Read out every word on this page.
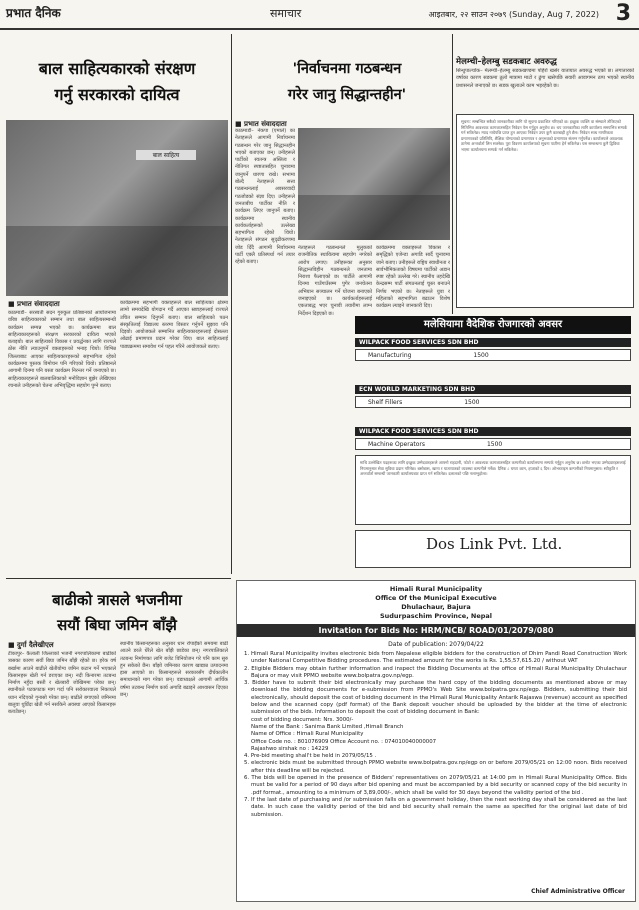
प्रभात दैनिक	समाचार	आइतबार, २२ साउन २०७९ (Sunday, Aug 7, 2022) 3
बाल साहित्यकारको संरक्षण
गर्नु सरकारको दायित्व
बाल साहित्य
■ प्रभात संवाददाता
काठमाडौं– सरस्वती सदन गुरुकुल प्रतिष्ठानको आयोजनामा वरिष्ठ साहित्यकारको सम्मान तथा बाल साहित्यसम्बन्धी कार्यक्रम सम्पन्न भएको छ। कार्यक्रममा बाल साहित्यकारहरूको संरक्षण सरकारको दायित्व भएको बताइयो। बाल साहित्यको विकास र प्रवर्द्धनका लागि राज्यले ठोस नीति ल्याउनुपर्ने वक्ताहरूको भनाइ थियो। विभिन्न जिल्लाबाट आएका साहित्यकारहरूको सहभागिता रहेको कार्यक्रममा पुस्तक विमोचन पनि गरिएको थियो। प्रतिष्ठानले आगामी दिनमा पनि यस्ता कार्यक्रम निरन्तर गर्ने जनाएको छ। साहित्यकारहरूले बालबालिकाको मनोविज्ञान बुझेर लेखिएका रचनाले उनीहरूको चेतना अभिवृद्धिमा सहयोग पुग्ने बताए।
कार्यक्रममा सहभागी वक्ताहरूले बाल साहित्यका क्षेत्रमा लामो समयदेखि योगदान गर्दै आएका स्रष्टाहरूलाई राज्यले उचित सम्मान दिनुपर्ने बताए। बाल साहित्यको पठन संस्कृतिलाई विद्यालय स्तरमा विस्तार गर्नुपर्ने सुझाव पनि दिइयो। आयोजकले सम्मानित साहित्यकारहरूलाई दोसल्ला ओढाई प्रमाणपत्र प्रदान गरेका थिए। बाल साहित्यलाई पाठ्यक्रममा समावेश गर्न पहल गरिने आयोजकले बताए।
'निर्वाचनमा गठबन्धन
गरेर जानु सिद्धान्तहीन'
■ प्रभात संवाददाता
काठमाडौं– नेकपा (एमाले) का नेताहरूले आगामी निर्वाचनमा गठबन्धन गरेर जानु सिद्धान्तहीन भएको बताएका छन्। उनीहरूले पार्टीको स्वतन्त्र अस्तित्व र नीतिगत स्पष्टतासहित चुनावमा जानुपर्ने धारणा राखे। सभामा बोल्दै नेताहरूले सत्ता गठबन्धनलाई अवसरवादी गठजोडको संज्ञा दिए। उनीहरूले जनताबीच पार्टीका नीति र कार्यक्रम लिएर जानुपर्ने बताए। कार्यक्रममा स्थानीय कार्यकर्ताहरूको उल्लेख्य सहभागिता रहेको थियो। नेताहरूले संगठन सुदृढीकरणमा जोड दिँदै आगामी निर्वाचनमा पार्टी एक्लै प्रतिस्पर्धा गर्न तयार रहेको बताए।
नेताहरूले गठबन्धनले मुलुकको राजनीतिक स्थायित्वमा सहयोग नगरेको आरोप लगाए। उनीहरूका अनुसार सिद्धान्तविहीन गठबन्धनले जनतामा निराशा फैलाएको छ। पार्टीले आगामी दिनमा गाउँगाउँसम्म पुगेर जनचेतना अभियान सञ्चालन गर्ने योजना बनाएको जनाइएको छ। कार्यकर्ताहरूलाई एकताबद्ध भएर चुनावी तयारीमा लाग्न निर्देशन दिइएको छ।
कार्यक्रममा वक्ताहरूले विकास र समृद्धिको एजेन्डा अगाडि सार्दै चुनावमा जाने बताए। उनीहरूले राष्ट्रिय स्वाधीनता र सार्वभौमिकताको विषयमा पार्टीको अडान स्पष्ट रहेको उल्लेख गरे। स्थानीय तहदेखि केन्द्रसम्म पार्टी संगठनलाई चुस्त बनाउने निर्णय भएको छ। नेताहरूले युवा र महिलाको सहभागिता बढाउन विशेष कार्यक्रम ल्याइने जानकारी दिए।
बाढीको त्रासले भजनीमा
सयौं बिघा जमिन बाँझै
■ दुर्गा दैलेखीएल
टीकापुर– कैलाली जिल्लाको भजनी नगरपालिकामा बाढीको त्रासका कारण सयौं बिघा जमिन बाँझै रहेको छ। हरेक वर्ष बर्खामा आउने बाढीले खेतीयोग्य जमिन कटान गर्ने भएकाले किसानहरू खेती गर्न डराएका छन्। नदी किनारमा तटबन्ध निर्माण नहुँदा बस्ती र खेतबारी जोखिममा परेका छन्। स्थानीयले पटकपटक माग गर्दा पनि सरोकारवाला निकायले ध्यान नदिएको गुनासो गरेका छन्। बाढीले बगाएको जमिनमा बालुवा थुप्रिँदा खेती गर्न नसकिने अवस्था आएको किसानहरू बताउँछन्।
स्थानीय किसानहरूका अनुसार धान रोपाइँको समयमा बाढी आउने डरले धेरैले खेत बाँझै छाडेका छन्। नगरपालिकाले तटबन्ध निर्माणका लागि बजेट विनियोजन गरे पनि काम सुरु हुन सकेको छैन। बाँझो जमिनका कारण खाद्यान्न उत्पादनमा ह्रास आएको छ। किसानहरूले सरकारसँग दीर्घकालीन समाधानको माग गरेका छन्। वडाध्यक्षले आगामी आर्थिक वर्षमा तटबन्ध निर्माण कार्य अगाडि बढाइने आश्वासन दिएका छन्।
मेलम्ची–हेलम्बु सडकबाट अवरुद्ध
सिन्धुपाल्चोक– मेलम्ची–हेलम्बु सडकखण्डमा पहिरो खसेर यातायात अवरुद्ध भएको छ। लगातारको वर्षाका कारण सडकमा ठूलो मात्रामा माटो र ढुंगा खसेपछि सवारी आवागमन ठप्प भएको स्थानीय प्रशासनले जनाएको छ। सडक खुलाउने काम भइरहेको छ।
सूचना: सम्बन्धित सबैको जानकारीका लागि यो सूचना प्रकाशित गरिएको छ। इच्छुक व्यक्ति वा संस्थाले तोकिएको मितिभित्र आवश्यक कागजातसहित निवेदन पेस गर्नुहुन अनुरोध छ। थप जानकारीका लागि कार्यालय समयभित्र सम्पर्क गर्न सकिनेछ। म्याद नाघेपछि प्राप्त हुन आएका निवेदन उपर कुनै कारबाही हुने छैन। निवेदन साथ नागरिकता प्रमाणपत्रको प्रतिलिपि, शैक्षिक योग्यताको प्रमाणपत्र र अनुभवको प्रमाणपत्र संलग्न गर्नुपर्नेछ। कार्यालयले आवश्यक ठानेमा अन्तर्वार्ता लिन सक्नेछ। पूरा विवरण कार्यालयको सूचना पाटीमा हेर्न सकिनेछ। यस सम्बन्धमा कुनै द्विविधा भएमा कार्यालयमा सम्पर्क गर्न सकिनेछ।
मलेसियामा वैदेशिक रोजगारको अवसर
WILPACK FOOD SERVICES SDN BHD
Manufacturing	1500
ECN WORLD MARKETING SDN BHD
Shelf Fillers	1500
WILPACK FOOD SERVICES SDN BHD
Machine Operators	1500
माथि उल्लेखित पदहरूका लागि इच्छुक उम्मेदवारहरूले आफ्नो राहदानी, फोटो र आवश्यक कागजातसहित कम्पनीको कार्यालयमा सम्पर्क गर्नुहुन अनुरोध छ। छनोट भएका उम्मेदवारहरूलाई नियमानुसार सेवा सुविधा प्रदान गरिनेछ। बसोबास, खाना र यातायातको व्यवस्था कम्पनीले गर्नेछ। दैनिक ८ घण्टा काम, हप्ताको ६ दिन। ओभरटाइम कम्पनीको नियमानुसार। स्वीकृति र अन्तर्वार्ता सम्बन्धी जानकारी कार्यालयबाट प्राप्त गर्न सकिनेछ। दलालको पछि नलाग्नुहोला।
Dos Link Pvt. Ltd.
Himali Rural Municipality
Office Of the Municipal Executive
Dhulachaur, Bajura
Sudurpaschim Province, Nepal
Invitation for Bids No: HRM/NCB/ ROAD/01/2079/080
Date of publication: 2079/04/22
1. Himali Rural Municipality invites electronic bids from Nepalese eligible bidders for the construction of Dhim Pandi Road Construction Work under National Competitive Bidding procedures. The estimated amount for the works is Rs. 1,55,57,615.20 / without VAT
2. Eligible Bidders may obtain further information and inspect the Bidding Documents at the office of Himali Rural Municipality Dhulachaur Bajura or may visit PPMO website www.bolpatra.gov.np/egp.
3. Bidder have to submit their bid electronically may purchase the hard copy of the bidding documents as mentioned above or may download the bidding documents for e-submission from PPMO's Web Site www.bolpatra.gov.np/egp. Bidders, submitting their bid electronically, should deposit the cost of bidding document in the Himali Rural Municipality Antarik Rajaswa (revenue) account as specified below and the scanned copy (pdf format) of the Bank deposit voucher should be uploaded by the bidder at the time of electronic submission of the bids. Information to deposit the cost of bidding document in Bank:
cost of bidding document: Nrs. 3000/-
Name of the Bank : Sanima Bank Limited ,Himali Branch
Name of Office : Himali Rural Municipality
Office Code no. : 801076909 Office Account no. : 074010040000007
Rajashwo sirshak no : 14229
4. Pre-bid meeting shall't be held in 2079/05/15 .
5. electronic bids must be submitted through PPMO website www.bolpatra.gov.np/egp on or before 2079/05/21 on 12:00 noon. Bids received after this deadline will be rejected.
6. The bids will be opened in the presence of Bidders' representatives on 2079/05/21 at 14:00 pm in Himali Rural Municipality Office. Bids must be valid for a period of 90 days after bid opening and must be accompanied by a bid security or scanned copy of the bid security in .pdf format., amounting to a minimum of 3,89,000/-, which shall be valid for 30 days beyond the validity period of the bid .
7. If the last date of purchasing and /or submission falls on a government holiday, then the next working day shall be considered as the last date. In such case the validity period of the bid and bid security shall remain the same as specified for the original last date of bid submission.
Chief Administrative Officer
